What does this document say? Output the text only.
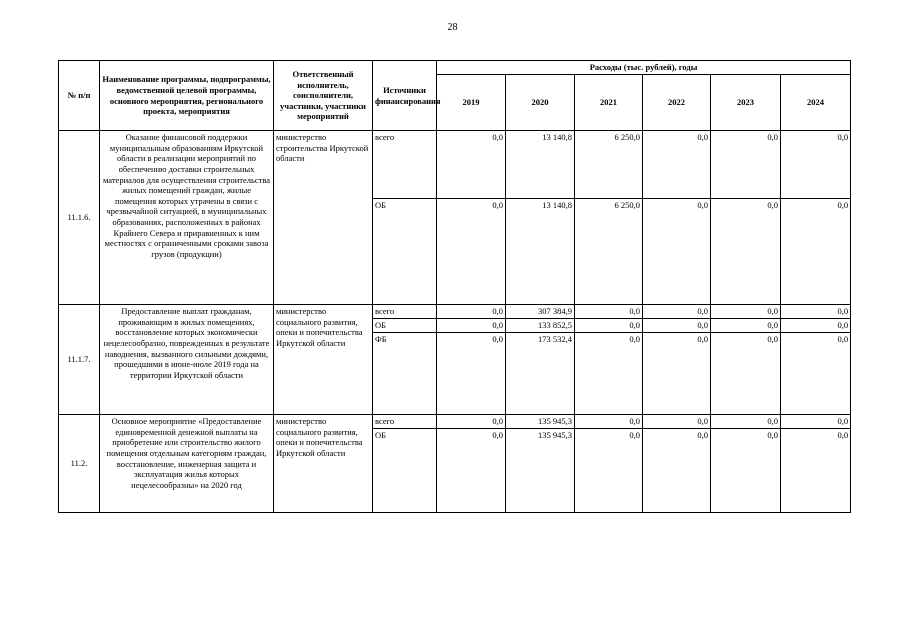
28
№ п/п	Наименование программы, подпрограммы, ведомственной целевой программы, основного мероприятия, регионального проекта, мероприятия	Ответственный исполнитель, соисполнители, участники, участники мероприятий	Источники финансирования	Расходы (тыс. рублей), годы					
				2019	2020	2021	2022	2023	2024
11.1.6.	Оказание финансовой поддержки муниципальным образованиям Иркутской области в реализации мероприятий по обеспечению доставки строительных материалов для осуществления строительства жилых помещений граждан, жилые помещения которых утрачены в связи с чрезвычайной ситуацией, в муниципальных образованиях, расположенных в районах Крайнего Севера и приравненных к ним местностях с ограниченными сроками завоза грузов (продукции)	министерство строительства Иркутской области	всего	0,0	13 140,8	6 250,0	0,0	0,0	0,0
			ОБ	0,0	13 140,8	6 250,0	0,0	0,0	0,0
11.1.7.	Предоставление выплат гражданам, проживающим в жилых помещениях, восстановление которых экономически нецелесообразно, поврежденных в результате наводнения, вызванного сильными дождями, прошедшими в июне-июле 2019 года на территории Иркутской области	министерство социального развития, опеки и попечительства Иркутской области	всего	0,0	307 384,9	0,0	0,0	0,0	0,0
			ОБ	0,0	133 852,5	0,0	0,0	0,0	0,0
			ФБ	0,0	173 532,4	0,0	0,0	0,0	0,0
11.2.	Основное мероприятие «Предоставление единовременной денежной выплаты на приобретение или строительство жилого помещения отдельным категориям граждан, восстановление, инженерная защита и эксплуатация жилья которых нецелесообразны» на 2020 год	министерство социального развития, опеки и попечительства Иркутской области	всего	0,0	135 945,3	0,0	0,0	0,0	0,0
			ОБ	0,0	135 945,3	0,0	0,0	0,0	0,0
